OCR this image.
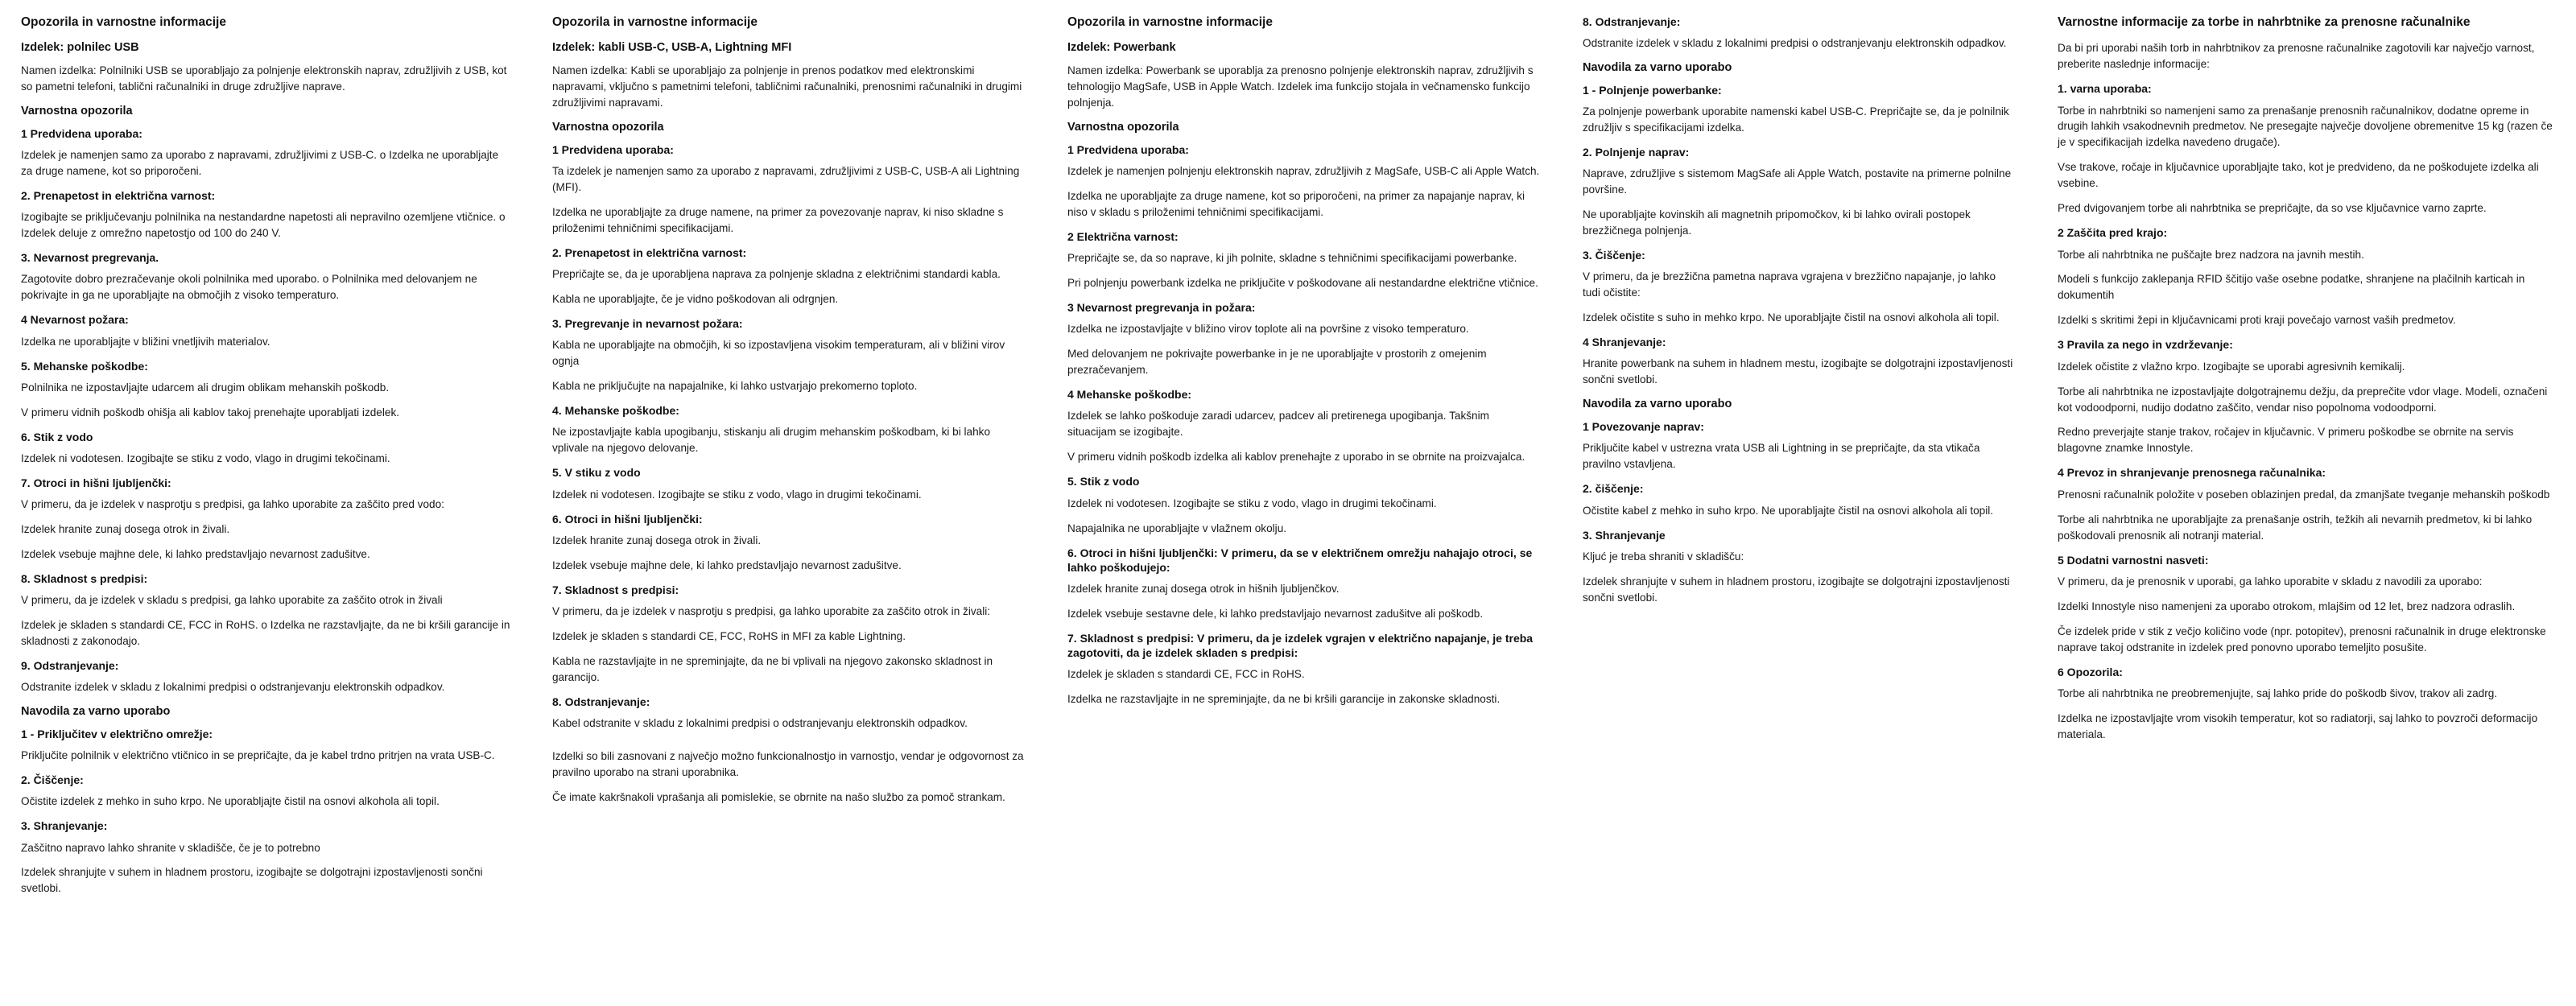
Opozorila in varnostne informacije
Izdelek: polnilec USB

Namen izdelka: Polnilniki USB se uporabljajo za polnjenje elektronskih naprav, združljivih z USB, kot so pametni telefoni, tablični računalniki in druge združljive naprave.

Varnostna opozorila
1 Predvidena uporaba:

Izdelek je namenjen samo za uporabo z napravami, združljivimi z USB-C. o Izdelka ne uporabljajte za druge namene, kot so priporočeni.

2. Prenapetost in električna varnost:

Izogibajte se priključevanju polnilnika na nestandardne napetosti ali nepravilno ozemljene vtičnice. o Izdelek deluje z omrežno napetostjo od 100 do 240 V.

3. Nevarnost pregrevanja.

Zagotovite dobro prezračevanje okoli polnilnika med uporabo. o Polnilnika med delovanjem ne pokrivajte in ga ne uporabljajte na območjih z visoko temperaturo.

4 Nevarnost požara:

Izdelka ne uporabljajte v bližini vnetljivih materialov.

5. Mehanske poškodbe:

Polnilnika ne izpostavljajte udarcem ali drugim oblikam mehanskih poškodb.

V primeru vidnih poškodb ohišja ali kablov takoj prenehajte uporabljati izdelek.

6. Stik z vodo

Izdelek ni vodotesen. Izogibajte se stiku z vodo, vlago in drugimi tekočinami.

7. Otroci in hišni ljubljenčki:

V primeru, da je izdelek v nasprotju s predpisi, ga lahko uporabite za zaščito pred vodo:

Izdelek hranite zunaj dosega otrok in živali.

Izdelek vsebuje majhne dele, ki lahko predstavljajo nevarnost zadušitve.

8. Skladnost s predpisi:

V primeru, da je izdelek v skladu s predpisi, ga lahko uporabite za zaščito otrok in živali

Izdelek je skladen s standardi CE, FCC in RoHS. o Izdelka ne razstavljajte, da ne bi kršili garancije in skladnosti z zakonodajo.

9. Odstranjevanje:

Odstranite izdelek v skladu z lokalnimi predpisi o odstranjevanju elektronskih odpadkov.

Navodila za varno uporabo
1 - Priključitev v električno omrežje:

Priključite polnilnik v električno vtičnico in se prepričajte, da je kabel trdno pritrjen na vrata USB-C.

2. Čiščenje:

Očistite izdelek z mehko in suho krpo. Ne uporabljajte čistil na osnovi alkohola ali topil.

3. Shranjevanje:

Zaščitno napravo lahko shranite v skladišče, če je to potrebno

Izdelek shranjujte v suhem in hladnem prostoru, izogibajte se dolgotrajni izpostavljenosti sončni svetlobi.

Opozorila in varnostne informacije
Izdelek: kabli USB-C, USB-A, Lightning MFI

Namen izdelka: Kabli se uporabljajo za polnjenje in prenos podatkov med elektronskimi napravami, vključno s pametnimi telefoni, tabličnimi računalniki, prenosnimi računalniki in drugimi združljivimi napravami.

Varnostna opozorila
1 Predvidena uporaba:

Ta izdelek je namenjen samo za uporabo z napravami, združljivimi z USB-C, USB-A ali Lightning (MFI).

Izdelka ne uporabljajte za druge namene, na primer za povezovanje naprav, ki niso skladne s priloženimi tehničnimi specifikacijami.

2. Prenapetost in električna varnost:

Prepričajte se, da je uporabljena naprava za polnjenje skladna z električnimi standardi kabla.

Kabla ne uporabljajte, če je vidno poškodovan ali odrgnjen.

3. Pregrevanje in nevarnost požara:

Kabla ne uporabljajte na območjih, ki so izpostavljena visokim temperaturam, ali v bližini virov ognja

Kabla ne priključujte na napajalnike, ki lahko ustvarjajo prekomerno toploto.

4. Mehanske poškodbe:

Ne izpostavljajte kabla upogibanju, stiskanju ali drugim mehanskim poškodbam, ki bi lahko vplivale na njegovo delovanje.

5. V stiku z vodo

Izdelek ni vodotesen. Izogibajte se stiku z vodo, vlago in drugimi tekočinami.

6. Otroci in hišni ljubljenčki:

Izdelek hranite zunaj dosega otrok in živali.

Izdelek vsebuje majhne dele, ki lahko predstavljajo nevarnost zadušitve.

7. Skladnost s predpisi:

V primeru, da je izdelek v nasprotju s predpisi, ga lahko uporabite za zaščito otrok in živali:

Izdelek je skladen s standardi CE, FCC, RoHS in MFI za kable Lightning.

Kabla ne razstavljajte in ne spreminjajte, da ne bi vplivali na njegovo zakonsko skladnost in garancijo.

8. Odstranjevanje:

Kabel odstranite v skladu z lokalnimi predpisi o odstranjevanju elektronskih odpadkov.

Izdelki so bili zasnovani z največjo možno funkcionalnostjo in varnostjo, vendar je odgovornost za pravilno uporabo na strani uporabnika.

Če imate kakršnakoli vprašanja ali pomislekie, se obrnite na našo službo za pomoč strankam.

Opozorila in varnostne informacije
Izdelek: Powerbank

Namen izdelka: Powerbank se uporablja za prenosno polnjenje elektronskih naprav, združljivih s tehnologijo MagSafe, USB in Apple Watch. Izdelek ima funkcijo stojala in večnamensko funkcijo polnjenja.

Varnostna opozorila
1 Predvidena uporaba:

Izdelek je namenjen polnjenju elektronskih naprav, združljivih z MagSafe, USB-C ali Apple Watch.

Izdelka ne uporabljajte za druge namene, kot so priporočeni, na primer za napajanje naprav, ki niso v skladu s priloženimi tehničnimi specifikacijami.

2 Električna varnost:

Prepričajte se, da so naprave, ki jih polnite, skladne s tehničnimi specifikacijami powerbanke.

Pri polnjenju powerbank izdelka ne priključite v poškodovane ali nestandardne električne vtičnice.

3 Nevarnost pregrevanja in požara:

Izdelka ne izpostavljajte v bližino virov toplote ali na površine z visoko temperaturo.

Med delovanjem ne pokrivajte powerbanke in je ne uporabljajte v prostorih z omejenim prezračevanjem.

4 Mehanske poškodbe:

Izdelek se lahko poškoduje zaradi udarcev, padcev ali pretirenega upogibanja. Takšnim situacijam se izogibajte.

V primeru vidnih poškodb izdelka ali kablov prenehajte z uporabo in se obrnite na proizvajalca.

5. Stik z vodo

Izdelek ni vodotesen. Izogibajte se stiku z vodo, vlago in drugimi tekočinami.

Napajalnika ne uporabljajte v vlažnem okolju.

6. Otroci in hišni ljubljenčki: V primeru, da se v električnem omrežju nahajajo otroci, se lahko poškodujejo:

Izdelek hranite zunaj dosega otrok in hišnih ljubljenčkov.

Izdelek vsebuje sestavne dele, ki lahko predstavljajo nevarnost zadušitve ali poškodb.

7. Skladnost s predpisi: V primeru, da je izdelek vgrajen v električno napajanje, je treba zagotoviti, da je izdelek skladen s predpisi:

Izdelek je skladen s standardi CE, FCC in RoHS.

Izdelka ne razstavljajte in ne spreminjajte, da ne bi kršili garancije in zakonske skladnosti.

8. Odstranjevanje:

Odstranite izdelek v skladu z lokalnimi predpisi o odstranjevanju elektronskih odpadkov.

Navodila za varno uporabo
1 - Polnjenje powerbanke:

Za polnjenje powerbank uporabite namenski kabel USB-C. Prepričajte se, da je polnilnik združljiv s specifikacijami izdelka.

2. Polnjenje naprav:

Naprave, združljive s sistemom MagSafe ali Apple Watch, postavite na primerne polnilne površine.

Ne uporabljajte kovinskih ali magnetnih pripomočkov, ki bi lahko ovirali postopek brezžičnega polnjenja.

3. Čiščenje:

V primeru, da je brezžična pametna naprava vgrajena v brezžično napajanje, jo lahko tudi očistite:

Izdelek očistite s suho in mehko krpo. Ne uporabljajte čistil na osnovi alkohola ali topil.

4 Shranjevanje:

Hranite powerbank na suhem in hladnem mestu, izogibajte se dolgotrajni izpostavljenosti sončni svetlobi.

Navodila za varno uporabo
1 Povezovanje naprav:

Priključite kabel v ustrezna vrata USB ali Lightning in se prepričajte, da sta vtikača pravilno vstavljena.

2. čiščenje:

Očistite kabel z mehko in suho krpo. Ne uporabljajte čistil na osnovi alkohola ali topil.

3. Shranjevanje

Kljuć je treba shraniti v skladišču:

Izdelek shranjujte v suhem in hladnem prostoru, izogibajte se dolgotrajni izpostavljenosti sončni svetlobi.

Varnostne informacije za torbe in nahrbtnike za prenosne računalnike

Da bi pri uporabi naših torb in nahrbtnikov za prenosne računalnike zagotovili kar največjo varnost, preberite naslednje informacije:

1. varna uporaba:

Torbe in nahrbtniki so namenjeni samo za prenašanje prenosnih računalnikov, dodatne opreme in drugih lahkih vsakodnevnih predmetov. Ne presegajte največje dovoljene obremenitve 15 kg (razen če je v specifikacijah izdelka navedeno drugače).

Vse trakove, ročaje in ključavnice uporabljajte tako, kot je predvideno, da ne poškodujete izdelka ali vsebine.

Pred dvigovanjem torbe ali nahrbtnika se prepričajte, da so vse ključavnice varno zaprte.

2 Zaščita pred krajo:

Torbe ali nahrbtnika ne puščajte brez nadzora na javnih mestih.

Modeli s funkcijo zaklepanja RFID ščitijo vaše osebne podatke, shranjene na plačilnih karticah in dokumentih

Izdelki s skritimi žepi in ključavnicami proti kraji povečajo varnost vaših predmetov.

3 Pravila za nego in vzdrževanje:

Izdelek očistite z vlažno krpo. Izogibajte se uporabi agresivnih kemikalij.

Torbe ali nahrbtnika ne izpostavljajte dolgotrajnemu dežju, da preprečite vdor vlage. Modeli, označeni kot vodoodporni, nudijo dodatno zaščito, vendar niso popolnoma vodoodporni.

Redno preverjajte stanje trakov, ročajev in ključavnic. V primeru poškodbe se obrnite na servis blagovne znamke Innostyle.

4 Prevoz in shranjevanje prenosnega računalnika:

Prenosni računalnik položite v poseben oblazinjen predal, da zmanjšate tveganje mehanskih poškodb

Torbe ali nahrbtnika ne uporabljajte za prenašanje ostrih, težkih ali nevarnih predmetov, ki bi lahko poškodovali prenosnik ali notranji material.

5 Dodatni varnostni nasveti:

V primeru, da je prenosnik v uporabi, ga lahko uporabite v skladu z navodili za uporabo:

Izdelki Innostyle niso namenjeni za uporabo otrokom, mlajšim od 12 let, brez nadzora odraslih.

Če izdelek pride v stik z večjo količino vode (npr. potopitev), prenosni računalnik in druge elektronske naprave takoj odstranite in izdelek pred ponovno uporabo temeljito posušite.

6 Opozorila:

Torbe ali nahrbtnika ne preobremenjujte, saj lahko pride do poškodb šivov, trakov ali zadrg.

Izdelka ne izpostavljajte vrom visokih temperatur, kot so radiatorji, saj lahko to povzroči deformacijo materiala.
